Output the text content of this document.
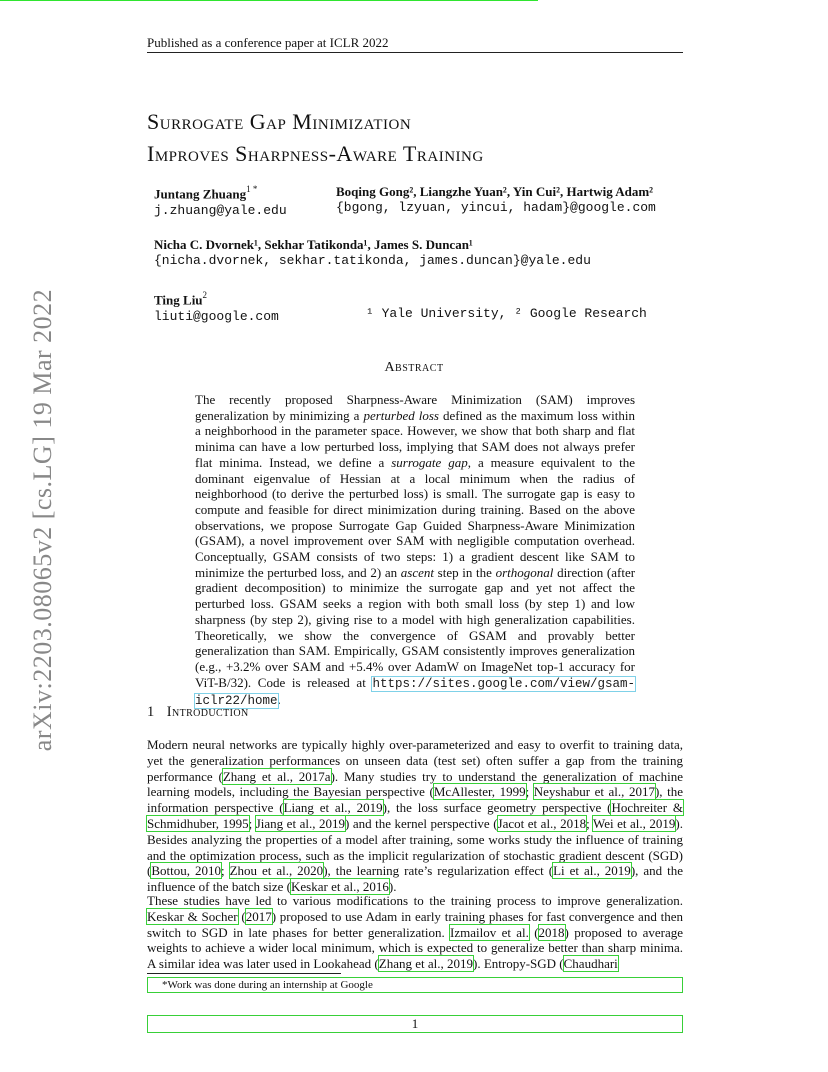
Published as a conference paper at ICLR 2022
Surrogate Gap Minimization
Improves Sharpness-Aware Training
Juntang Zhuang$^{1 *}$
j.zhuang@yale.edu
Boqing Gong², Liangzhe Yuan², Yin Cui², Hartwig Adam²
{bgong, lzyuan, yincui, hadam}@google.com
Nicha C. Dvornek¹, Sekhar Tatikonda¹, James S. Duncan¹
{nicha.dvornek, sekhar.tatikonda, james.duncan}@yale.edu
Ting Liu$^2$
liuti@google.com	¹ Yale University, ² Google Research
arXiv:2203.08065v2 [cs.LG] 19 Mar 2022	Abstract
The recently proposed Sharpness-Aware Minimization (SAM) improves generalization by minimizing a perturbed loss defined as the maximum loss within a neighborhood in the parameter space. However, we show that both sharp and flat minima can have a low perturbed loss, implying that SAM does not always prefer flat minima. Instead, we define a surrogate gap, a measure equivalent to the dominant eigenvalue of Hessian at a local minimum when the radius of neighborhood (to derive the perturbed loss) is small. The surrogate gap is easy to compute and feasible for direct minimization during training. Based on the above observations, we propose Surrogate Gap Guided Sharpness-Aware Minimization (GSAM), a novel improvement over SAM with negligible computation overhead. Conceptually, GSAM consists of two steps: 1) a gradient descent like SAM to minimize the perturbed loss, and 2) an ascent step in the orthogonal direction (after gradient decomposition) to minimize the surrogate gap and yet not affect the perturbed loss. GSAM seeks a region with both small loss (by step 1) and low sharpness (by step 2), giving rise to a model with high generalization capabilities. Theoretically, we show the convergence of GSAM and provably better generalization than SAM. Empirically, GSAM consistently improves generalization (e.g., +3.2% over SAM and +5.4% over AdamW on ImageNet top-1 accuracy for ViT-B/32). Code is released at https://sites.google.com/view/gsam-iclr22/home.
1 Introduction
Modern neural networks are typically highly over-parameterized and easy to overfit to training data, yet the generalization performances on unseen data (test set) often suffer a gap from the training performance (Zhang et al., 2017a). Many studies try to understand the generalization of machine learning models, including the Bayesian perspective (McAllester, 1999; Neyshabur et al., 2017), the information perspective (Liang et al., 2019), the loss surface geometry perspective (Hochreiter & Schmidhuber, 1995; Jiang et al., 2019) and the kernel perspective (Jacot et al., 2018; Wei et al., 2019). Besides analyzing the properties of a model after training, some works study the influence of training and the optimization process, such as the implicit regularization of stochastic gradient descent (SGD) (Bottou, 2010; Zhou et al., 2020), the learning rate’s regularization effect (Li et al., 2019), and the influence of the batch size (Keskar et al., 2016).
These studies have led to various modifications to the training process to improve generalization. Keskar & Socher (2017) proposed to use Adam in early training phases for fast convergence and then switch to SGD in late phases for better generalization. Izmailov et al. (2018) proposed to average weights to achieve a wider local minimum, which is expected to generalize better than sharp minima. A similar idea was later used in Lookahead (Zhang et al., 2019). Entropy-SGD (Chaudhari
*Work was done during an internship at Google
1
